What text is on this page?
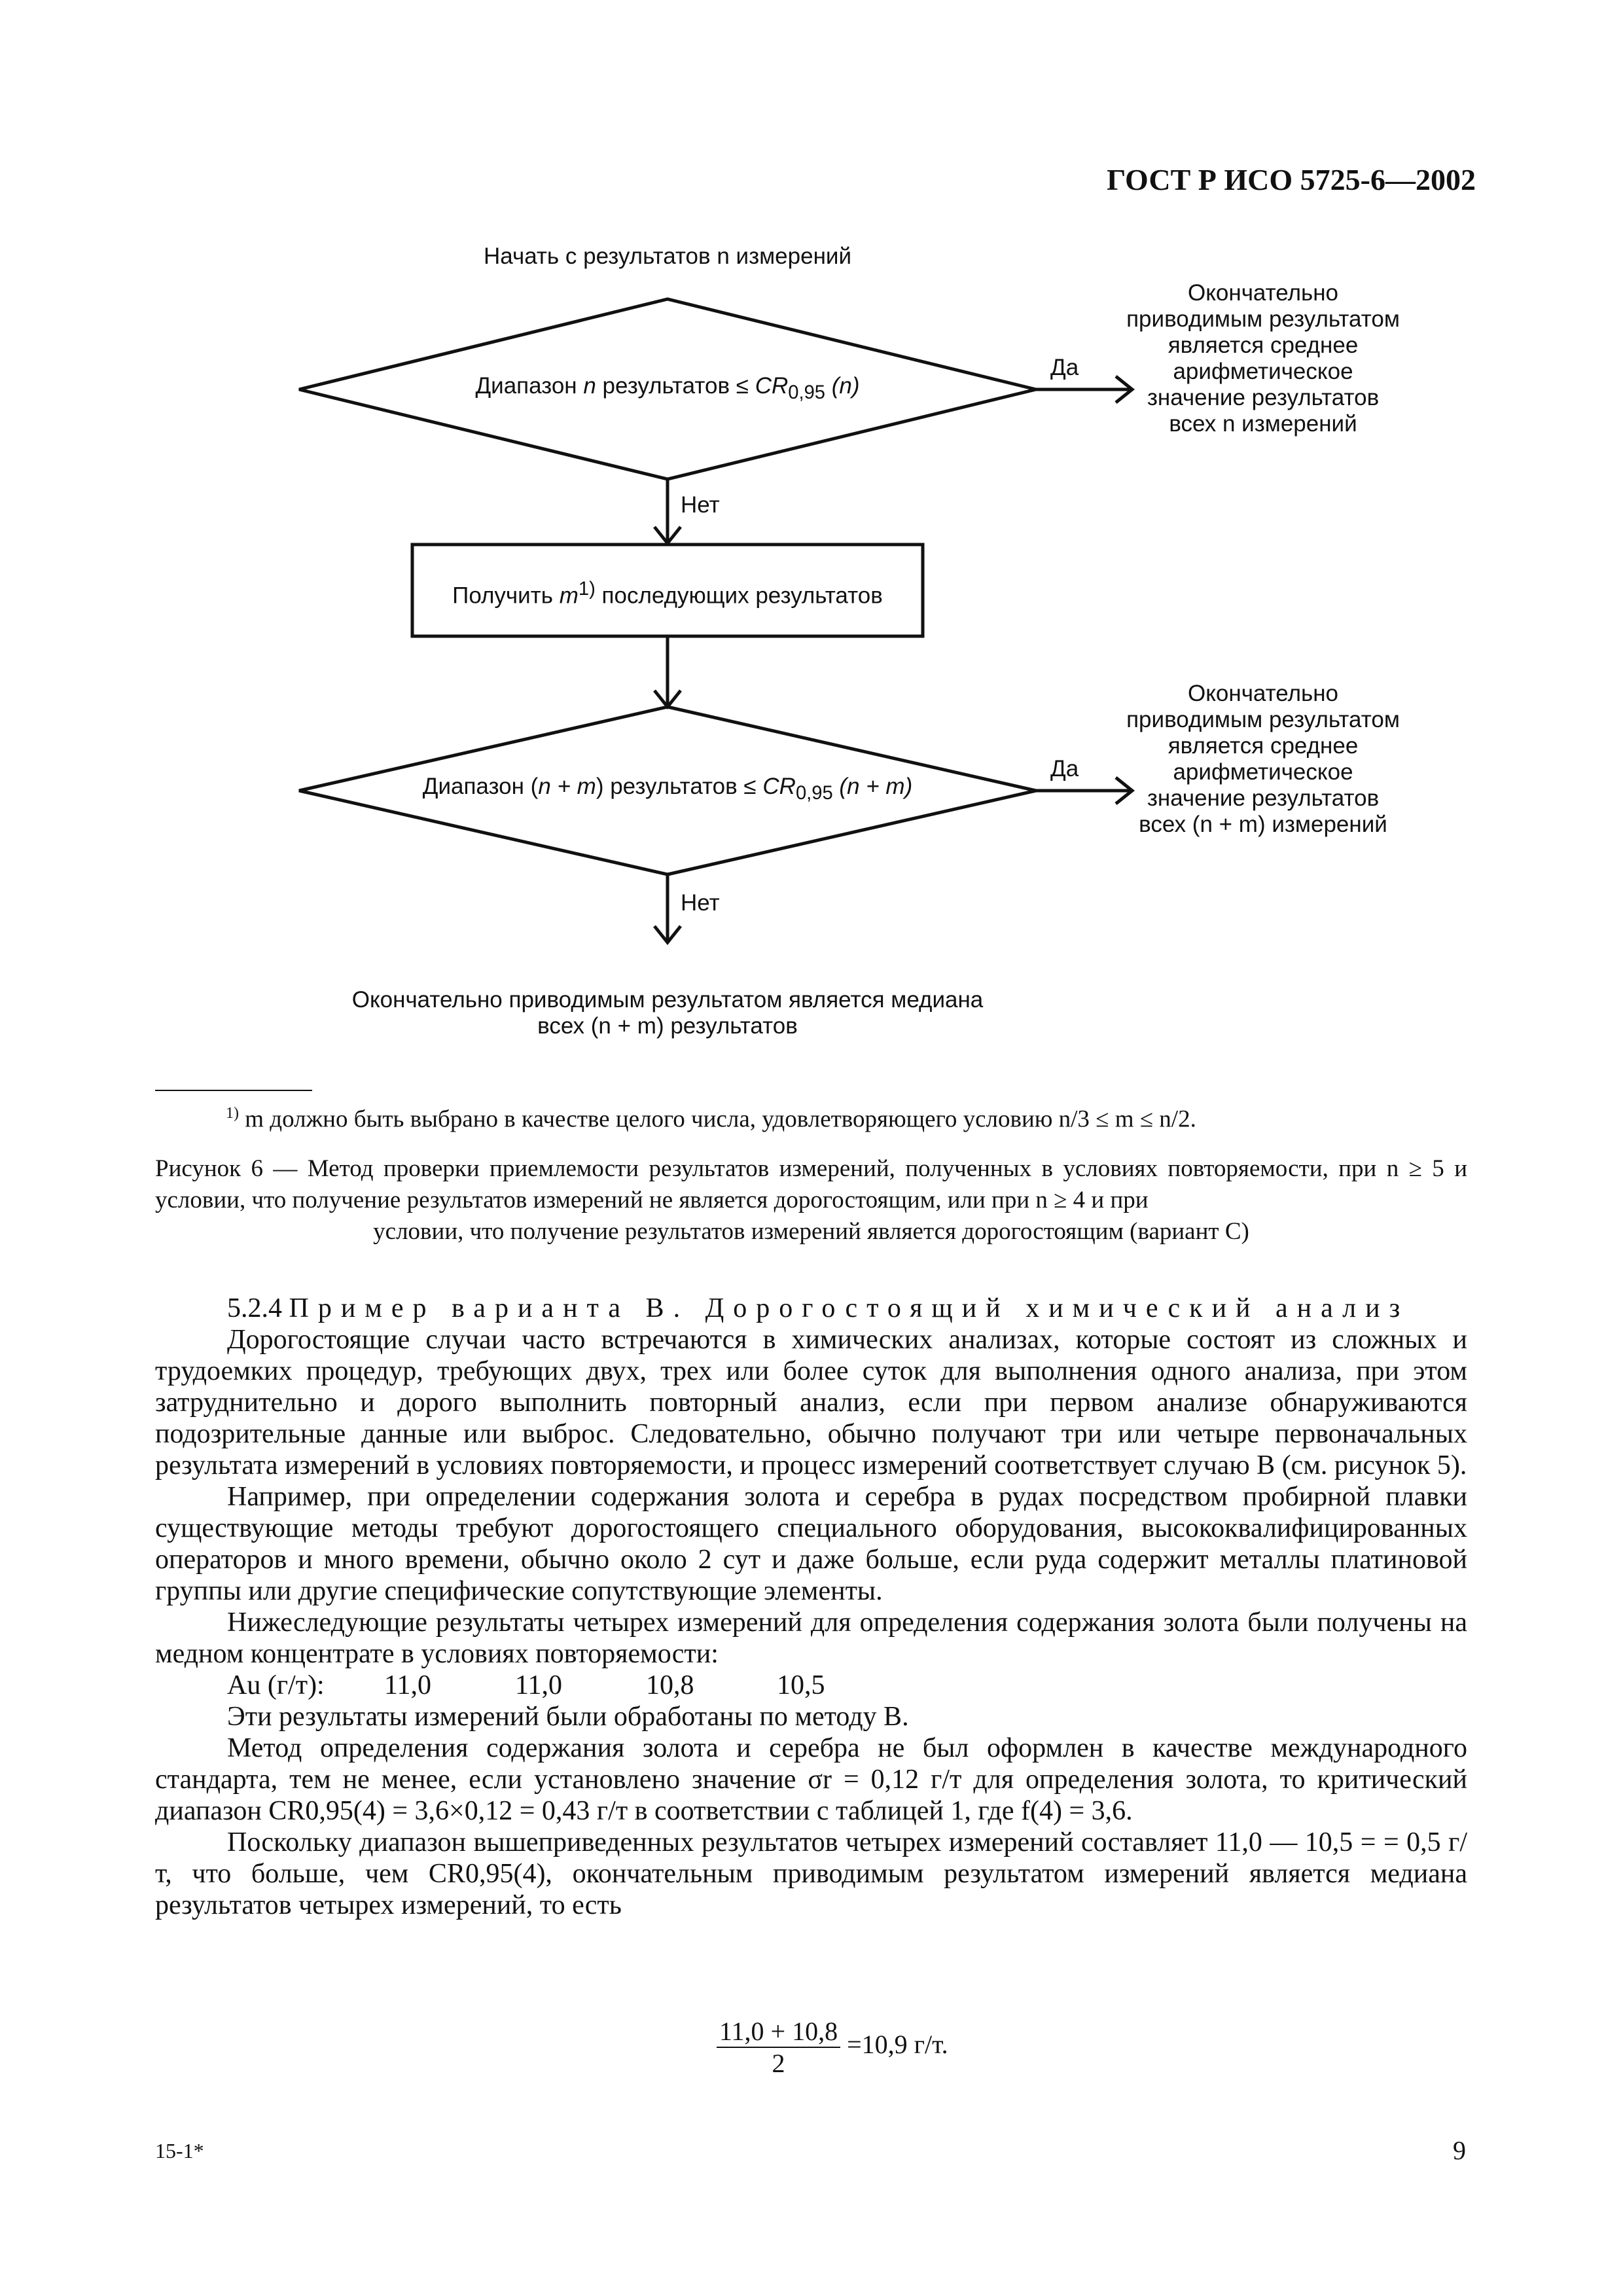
ГОСТ Р ИСО 5725-6—2002
Начать с результатов n измерений
Диапазон n результатов ≤ $CR_{0,95}$ (n)
Да
Нет
Окончательно приводимым результатом является среднее арифметическое значение результатов всех n измерений
Получить $m^{1)}$ последующих результатов
Диапазон (n + m) результатов ≤ $CR_{0,95}$ (n + m)
Да
Нет
Окончательно приводимым результатом является среднее арифметическое значение результатов всех (n + m) измерений
Окончательно приводимым результатом является медиана
всех (n + m) результатов
$^{1)}$ m должно быть выбрано в качестве целого числа, удовлетворяющего условию n/3 ≤ m ≤ n/2.
Рисунок 6 — Метод проверки приемлемости результатов измерений, полученных в условиях повторяемости, при n ≥ 5 и условии, что получение результатов измерений не является дорогостоящим, или при n ≥ 4 и при
условии, что получение результатов измерений является дорогостоящим (вариант С)

5.2.4 Пример варианта В. Дорогостоящий химический анализ

Дорогостоящие случаи часто встречаются в химических анализах, которые состоят из сложных и трудоемких процедур, требующих двух, трех или более суток для выполнения одного анализа, при этом затруднительно и дорого выполнить повторный анализ, если при первом анализе обнаруживаются подозрительные данные или выброс. Следовательно, обычно получают три или четыре первоначальных результата измерений в условиях повторяемости, и процесс измерений соответствует случаю В (см. рисунок 5).

Например, при определении содержания золота и серебра в рудах посредством пробирной плавки существующие методы требуют дорогостоящего специального оборудования, высококвалифицированных операторов и много времени, обычно около 2 сут и даже больше, если руда содержит металлы платиновой группы или другие специфические сопутствующие элементы.

Нижеследующие результаты четырех измерений для определения содержания золота были получены на медном концентрате в условиях повторяемости:

Au (г/т): 11,0	11,0	10,8	10,5

Эти результаты измерений были обработаны по методу В.

Метод определения содержания золота и серебра не был оформлен в качестве международного стандарта, тем не менее, если установлено значение σr = 0,12 г/т для определения золота, то критический диапазон CR0,95(4) = 3,6×0,12 = 0,43 г/т в соответствии с таблицей 1, где f(4) = 3,6.

Поскольку диапазон вышеприведенных результатов четырех измерений составляет 11,0 — 10,5 = = 0,5 г/т, что больше, чем CR0,95(4), окончательным приводимым результатом измерений является медиана результатов четырех измерений, то есть

$\frac{11,0 + 10,8}{2} =10,9$ г/т.
15-1*	9
